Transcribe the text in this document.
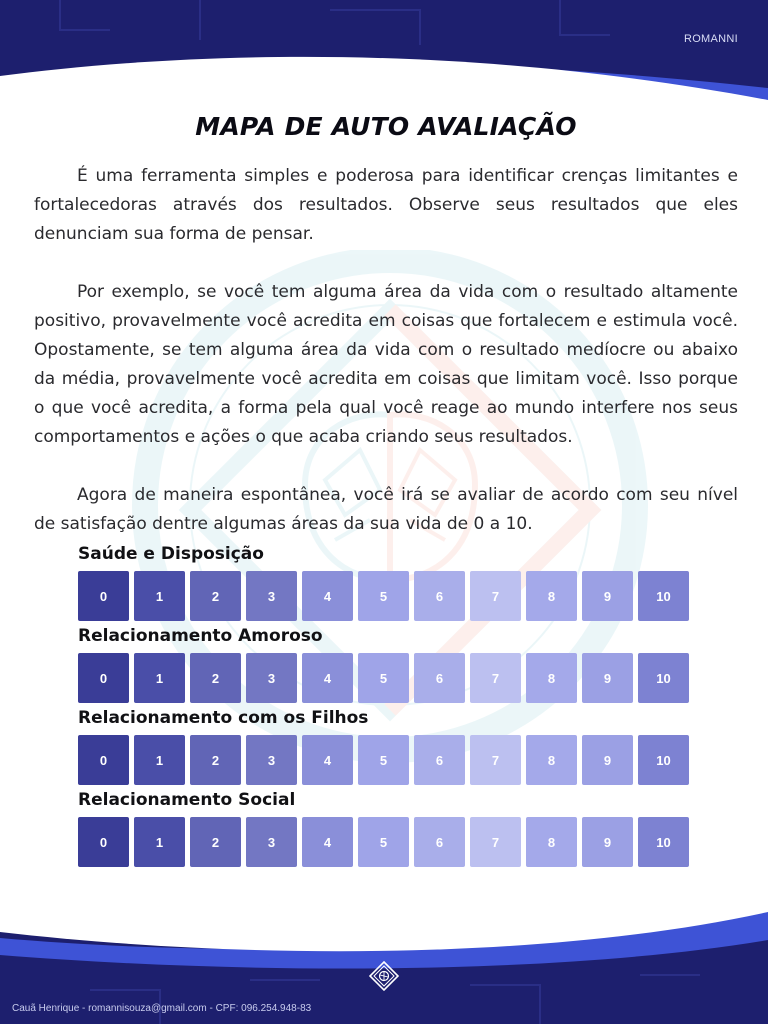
ROMANNI
MAPA DE AUTO AVALIAÇÃO

É uma ferramenta simples e poderosa para identificar crenças limitantes e fortalecedoras através dos resultados. Observe seus resultados que eles denunciam sua forma de pensar.

Por exemplo, se você tem alguma área da vida com o resultado altamente positivo, provavelmente você acredita em coisas que fortalecem e estimula você. Opostamente, se tem alguma área da vida com o resultado medíocre ou abaixo da média, provavelmente você acredita em coisas que limitam você. Isso porque o que você acredita, a forma pela qual você reage ao mundo interfere nos seus comportamentos e ações o que acaba criando seus resultados.

Agora de maneira espontânea, você irá se avaliar de acordo com seu nível de satisfação dentre algumas áreas da sua vida de 0 a 10.

Saúde e Disposição
0	1	2	3	4	5	6	7	8	9	10
Relacionamento Amoroso
0	1	2	3	4	5	6	7	8	9	10
Relacionamento com os Filhos
0	1	2	3	4	5	6	7	8	9	10
Relacionamento Social
0	1	2	3	4	5	6	7	8	9	10
Cauã Henrique - romannisouza@gmail.com - CPF: 096.254.948-83
